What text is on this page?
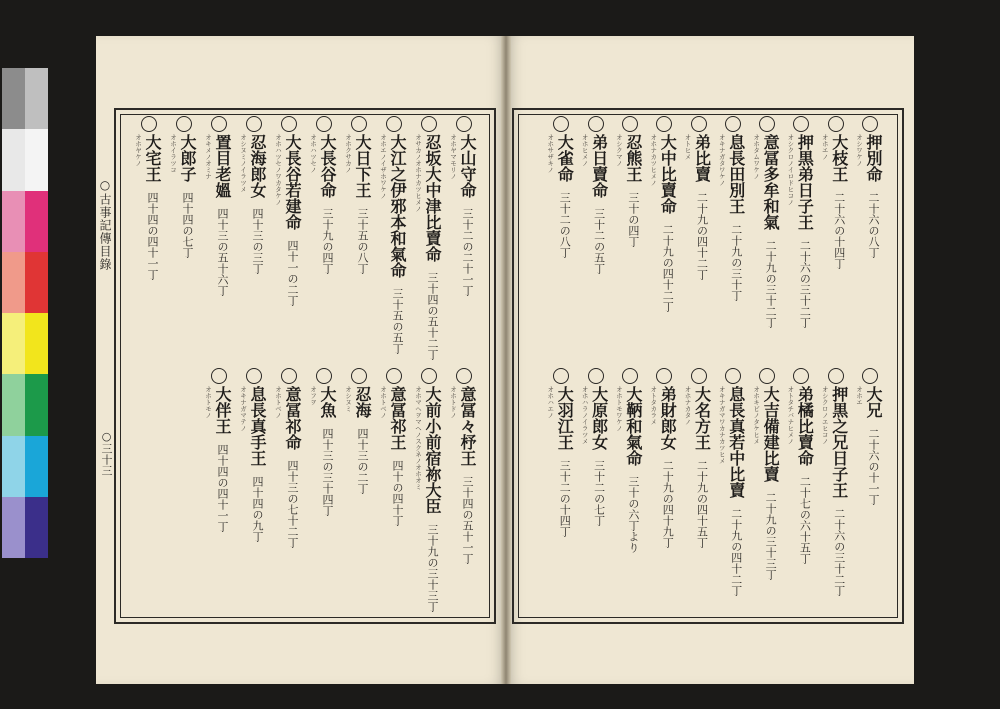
○古事記傳目錄
○三十三
オシワケノ 押別命二十六の八丁
オホエノ 大枝王二十六の十四丁
オシクロノイロドヒコノ 押黒弟日子王二十六の三十二丁
オホタムワケノ 意冨多牟和氣二十九の三十二丁
オキナガタワケノ 息長田別王二十九の三十丁
オトヒメ 弟比賣二十九の四十二丁
オホナカツヒメノ 大中比賣命二十九の四十二丁
オシクマノ 忍熊王三十の四丁
オホヒメノ 弟日賣命三十二の五丁
オホサザキノ 大雀命三十二の八丁
オホエ 大兄二十六の十一丁
オシクロノエヒコノ 押黒之兄日子王二十六の三十二丁
オトタチバナヒメノ 弟橘比賣命二十七の六十五丁
オホキビノタケヒメ 大吉備建比賣二十九の三十三丁
オキナガマワカナカツヒメ 息長真若中比賣二十九の四十二丁
オホナカタノ 大名方王二十九の四十五丁
オトタカラメ 弟財郎女二十九の四十九丁
オホトモワケノ 大鞆和氣命三十の六丁より
オホハラノイラツメ 大原郎女三十二の七丁
オホハエノ 大羽江王三十二の十四丁
オホヤマモリノ 大山守命三十二の二十一丁
オサカノオホナカツヒメノ 忍坂大中津比賣命三十四の五十二丁
オホエノイザホワケノ 大江之伊邪本和氣命三十五の五丁
オホクサカノ 大日下王三十五の八丁
オホハツセノ 大長谷命三十九の四丁
オホハツセノワカタケノ 大長谷若建命四十一の二丁
オシヌミノイラツメ 忍海郎女四十三の三丁
オキメノオミナ 置目老媼四十三の五十六丁
オホイラツコ 大郎子四十四の七丁
オホヤケノ 大宅王四十四の四十一丁
オホトドノ 意冨々杼王三十四の五十一丁
オホマヘヲマヘノスクネノオホオミ 大前小前宿祢大臣三十九の三十三丁
オホトベノ 意冨祁王四十の四十丁
オシヌミ 忍海四十三の二丁
オフヲ 大魚四十三の三十四丁
オホトベノ 意冨祁命四十三の七十二丁
オキナガマテノ 息長真手王四十四の九丁
オホトモノ 大伴王四十四の四十一丁
